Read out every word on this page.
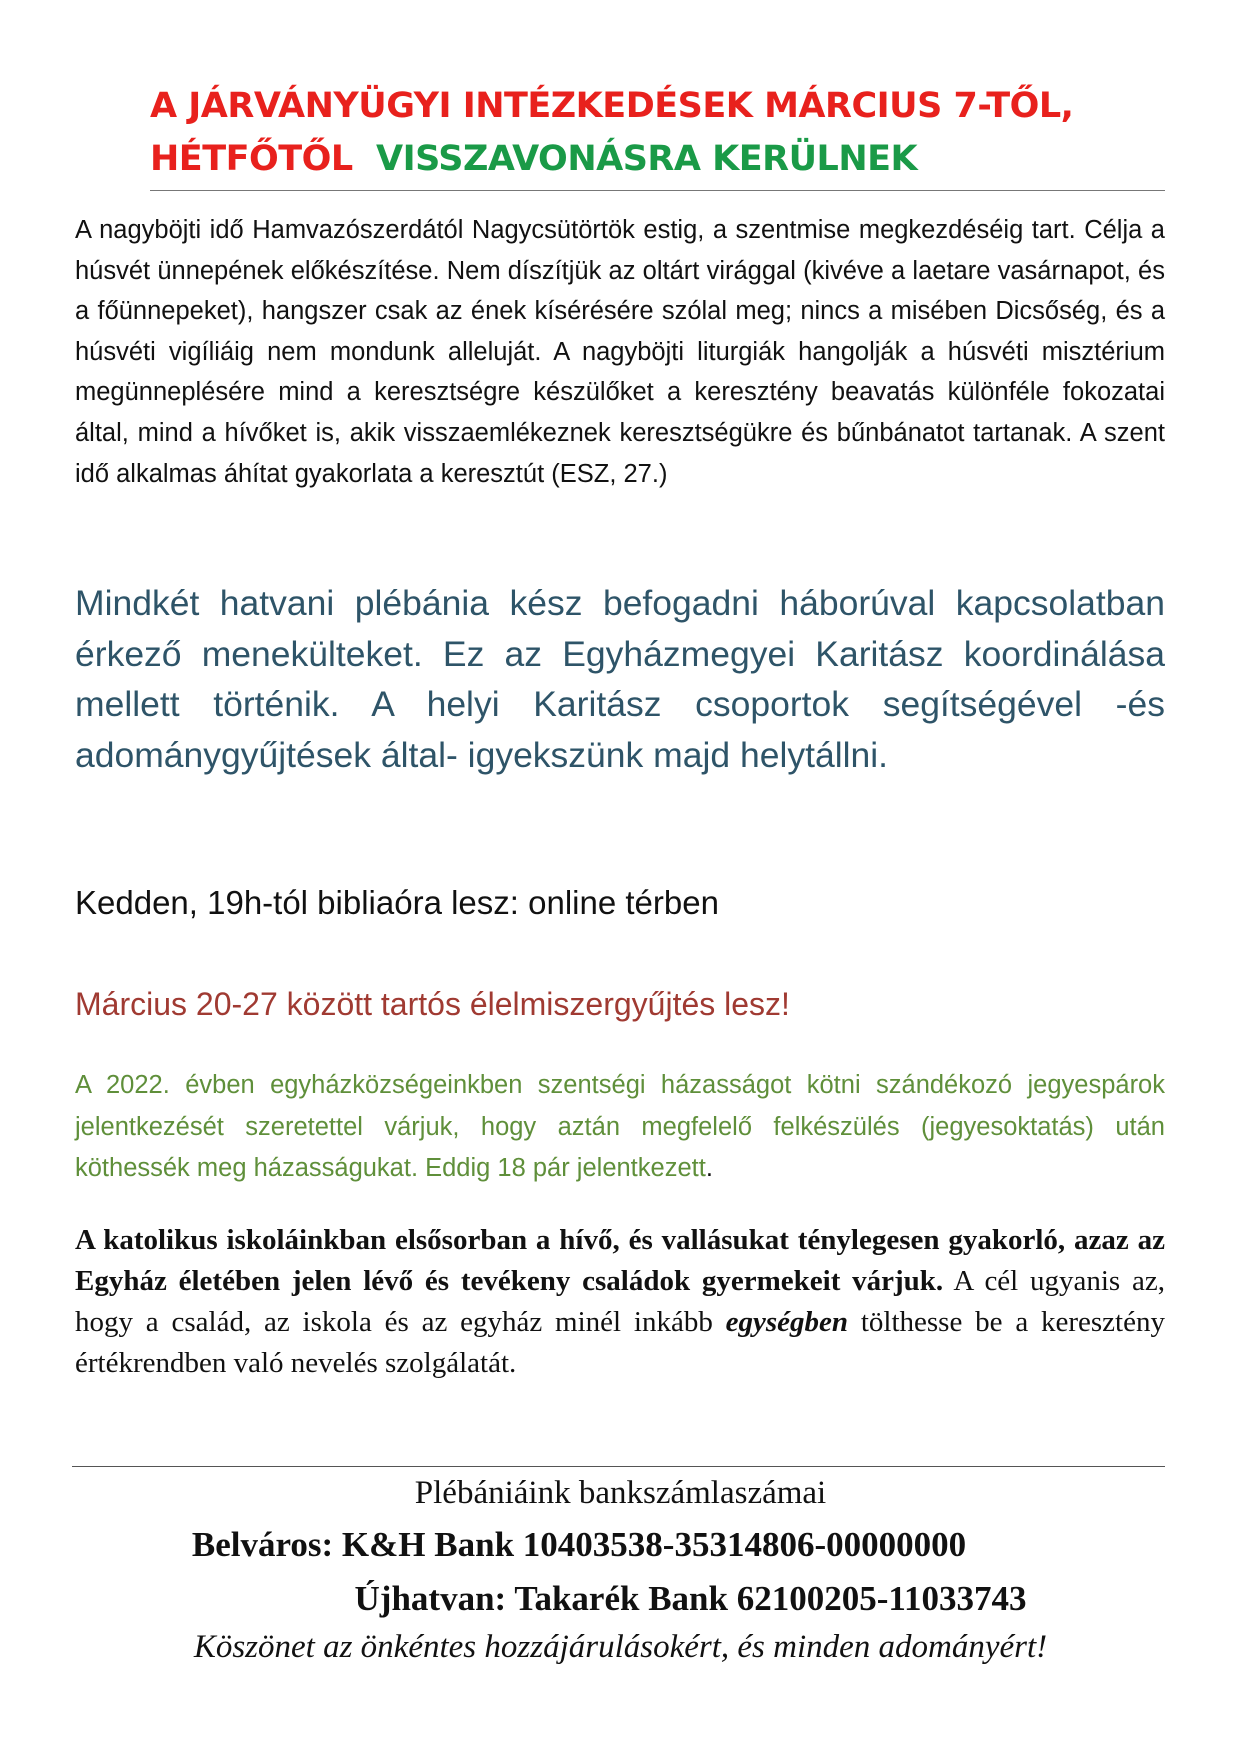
A JÁRVÁNYÜGYI INTÉZKEDÉSEK MÁRCIUS 7-TŐL,
HÉTFŐTŐL VISSZAVONÁSRA KERÜLNEK

A nagyböjti idő Hamvazószerdától Nagycsütörtök estig, a szentmise megkezdéséig tart. Célja a húsvét ünnepének előkészítése. Nem díszítjük az oltárt virággal (kivéve a laetare vasárnapot, és a főünnepeket), hangszer csak az ének kísérésére szólal meg; nincs a misében Dicsőség, és a húsvéti vigíliáig nem mondunk alleluját. A nagyböjti liturgiák hangolják a húsvéti misztérium megünneplésére mind a keresztségre készülőket a keresztény beavatás különféle fokozatai által, mind a hívőket is, akik visszaemlékeznek keresztségükre és bűnbánatot tartanak. A szent idő alkalmas áhítat gyakorlata a keresztút (ESZ, 27.)

Mindkét hatvani plébánia kész befogadni háborúval kapcsolatban érkező menekülteket. Ez az Egyházmegyei Karitász koordinálása mellett történik. A helyi Karitász csoportok segítségével -és adománygyűjtések által- igyekszünk majd helytállni.

Kedden, 19h-tól bibliaóra lesz: online térben

Március 20-27 között tartós élelmiszergyűjtés lesz!

A 2022. évben egyházközségeinkben szentségi házasságot kötni szándékozó jegyespárok jelentkezését szeretettel várjuk, hogy aztán megfelelő felkészülés (jegyesoktatás) után köthessék meg házasságukat. Eddig 18 pár jelentkezett.

A katolikus iskoláinkban elsősorban a hívő, és vallásukat ténylegesen gyakorló, azaz az Egyház életében jelen lévő és tevékeny családok gyermekeit várjuk. A cél ugyanis az, hogy a család, az iskola és az egyház minél inkább egységben tölthesse be a keresztény értékrendben való nevelés szolgálatát.

Plébániáink bankszámlaszámai

Belváros: K&H Bank 10403538-35314806-00000000

Újhatvan: Takarék Bank 62100205-11033743

Köszönet az önkéntes hozzájárulásokért, és minden adományért!
